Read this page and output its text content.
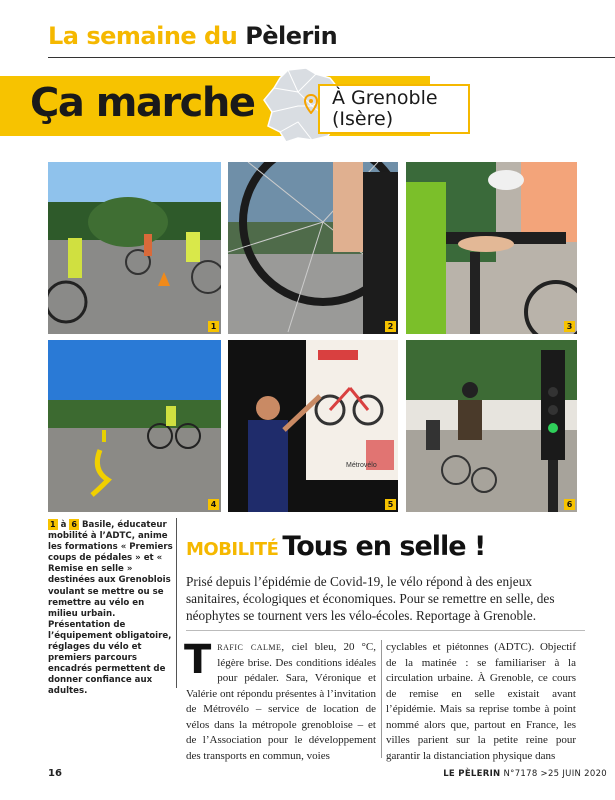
La semaine du Pèlerin
Ça marche	À Grenoble
(Isère)
1	2	3
4
Métrovélo
5	6
1 à 6 Basile, éducateur mobilité à l’ADTC, anime les formations « Premiers coups de pédales » et « Remise en selle » destinées aux Grenoblois voulant se mettre ou se remettre au vélo en milieu urbain. Présentation de l’équipement obligatoire, réglages du vélo et premiers parcours encadrés permettent de donner confiance aux adultes.
MOBILITÉ Tous en selle !
Prisé depuis l’épidémie de Covid-19, le vélo répond à des enjeux sanitaires, écologiques et économiques. Pour se remettre en selle, des néophytes se tournent vers les vélo-écoles. Reportage à Grenoble.
Trafic calme, ciel bleu, 20 °C, légère brise. Des conditions idéales pour pédaler. Sara, Véronique et Valérie ont répondu présentes à l’invitation de Métrovélo – service de location de vélos dans la métropole grenobloise – et de l’Association pour le développement des transports en commun, voies
cyclables et piétonnes (ADTC). Objectif de la matinée : se familiariser à la circulation urbaine. À Grenoble, ce cours de remise en selle existait avant l’épidémie. Mais sa reprise tombe à point nommé alors que, partout en France, les villes parient sur la petite reine pour garantir la distanciation physique dans
16	LE PÈLERIN N°7178 >25 JUIN 2020
